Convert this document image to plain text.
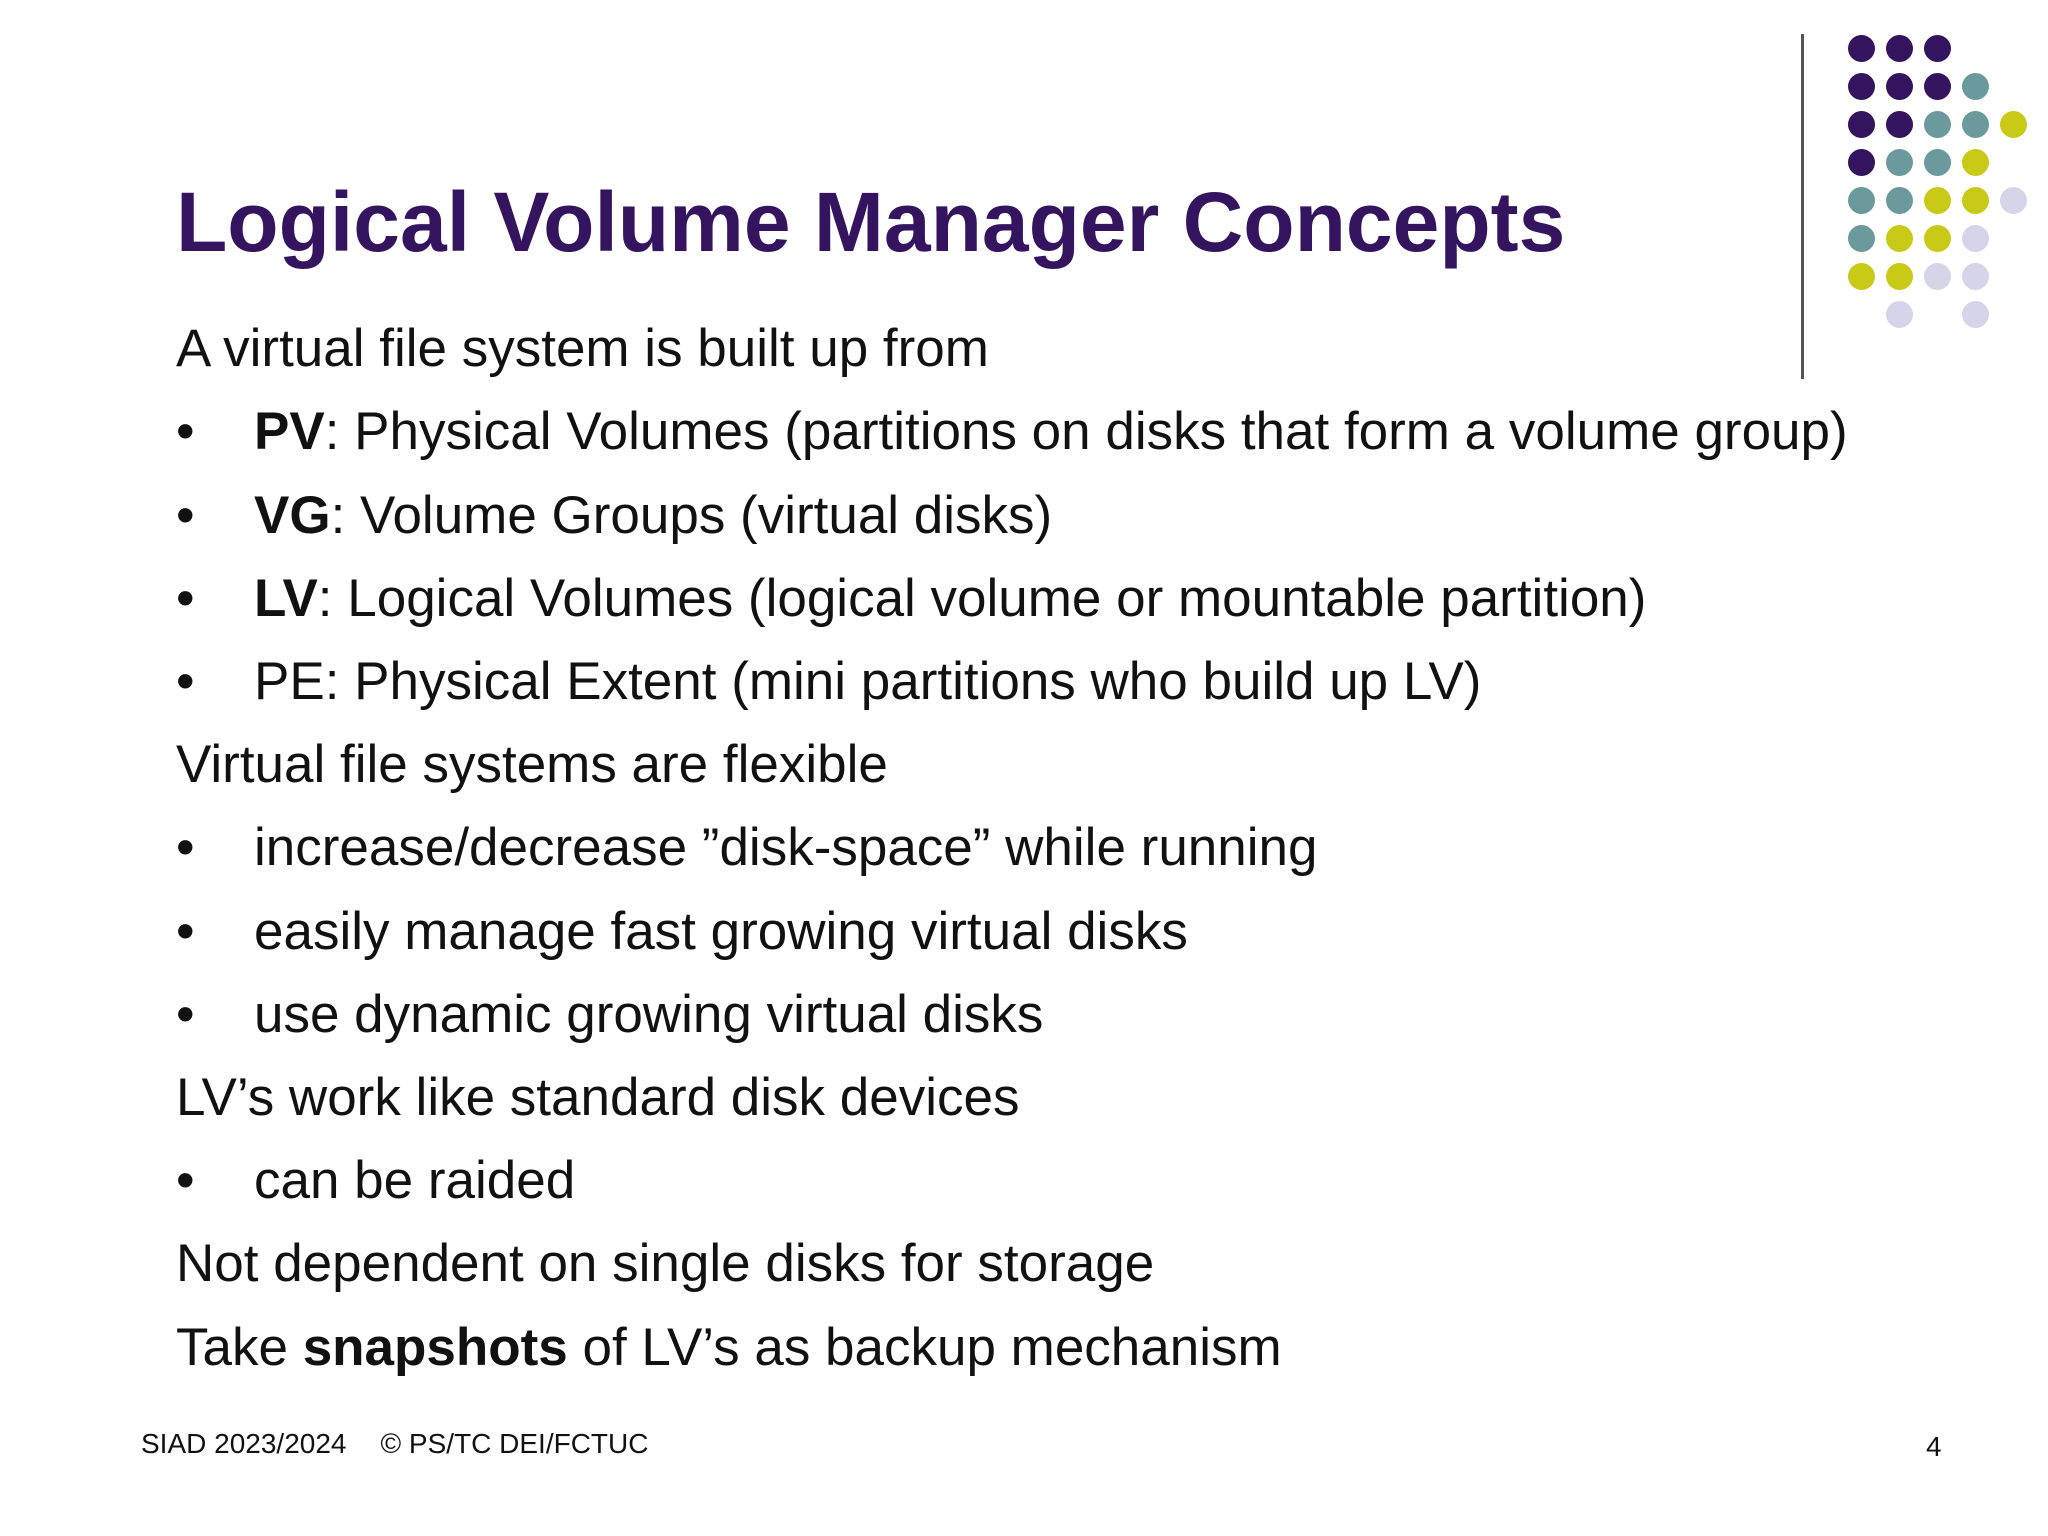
Logical Volume Manager Concepts
A virtual file system is built up from
•	PV: Physical Volumes (partitions on disks that form a volume group)
•	VG: Volume Groups (virtual disks)
•	LV: Logical Volumes (logical volume or mountable partition)
•	PE: Physical Extent (mini partitions who build up LV)
Virtual file systems are flexible
•	increase/decrease ”disk-space” while running
•	easily manage fast growing virtual disks
•	use dynamic growing virtual disks
LV’s work like standard disk devices
•	can be raided
Not dependent on single disks for storage
Take snapshots of LV’s as backup mechanism
SIAD 2023/2024 © PS/TC DEI/FCTUC	4
